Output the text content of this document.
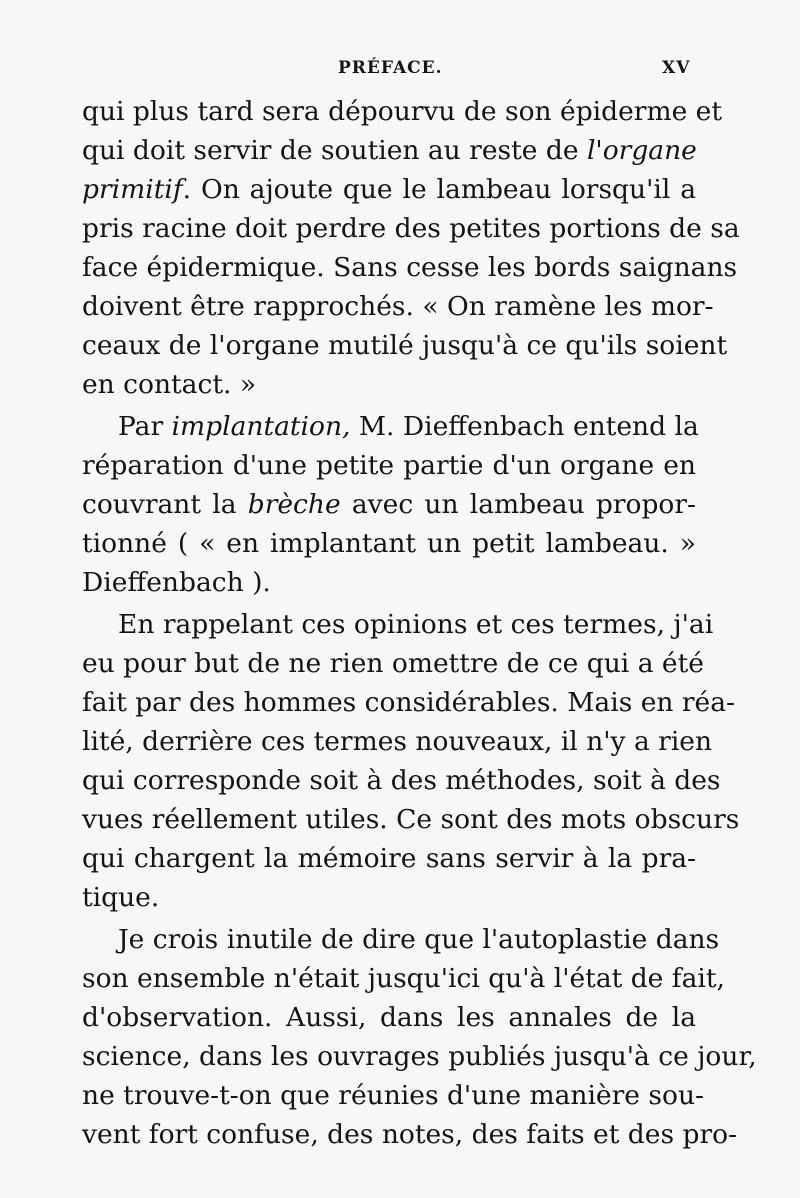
PRÉFACE.	XV
qui plus tard sera dépourvu de son épiderme et
qui doit servir de soutien au reste de l'organe
primitif. On ajoute que le lambeau lorsqu'il a
pris racine doit perdre des petites portions de sa
face épidermique. Sans cesse les bords saignans
doivent être rapprochés. « On ramène les mor-
ceaux de l'organe mutilé jusqu'à ce qu'ils soient
en contact. »
Par implantation, M. Dieffenbach entend la
réparation d'une petite partie d'un organe en
couvrant la brèche avec un lambeau propor-
tionné ( « en implantant un petit lambeau. »
Dieffenbach ).
En rappelant ces opinions et ces termes, j'ai
eu pour but de ne rien omettre de ce qui a été
fait par des hommes considérables. Mais en réa-
lité, derrière ces termes nouveaux, il n'y a rien
qui corresponde soit à des méthodes, soit à des
vues réellement utiles. Ce sont des mots obscurs
qui chargent la mémoire sans servir à la pra-
tique.
Je crois inutile de dire que l'autoplastie dans
son ensemble n'était jusqu'ici qu'à l'état de fait,
d'observation. Aussi, dans les annales de la
science, dans les ouvrages publiés jusqu'à ce jour,
ne trouve-t-on que réunies d'une manière sou-
vent fort confuse, des notes, des faits et des pro-
